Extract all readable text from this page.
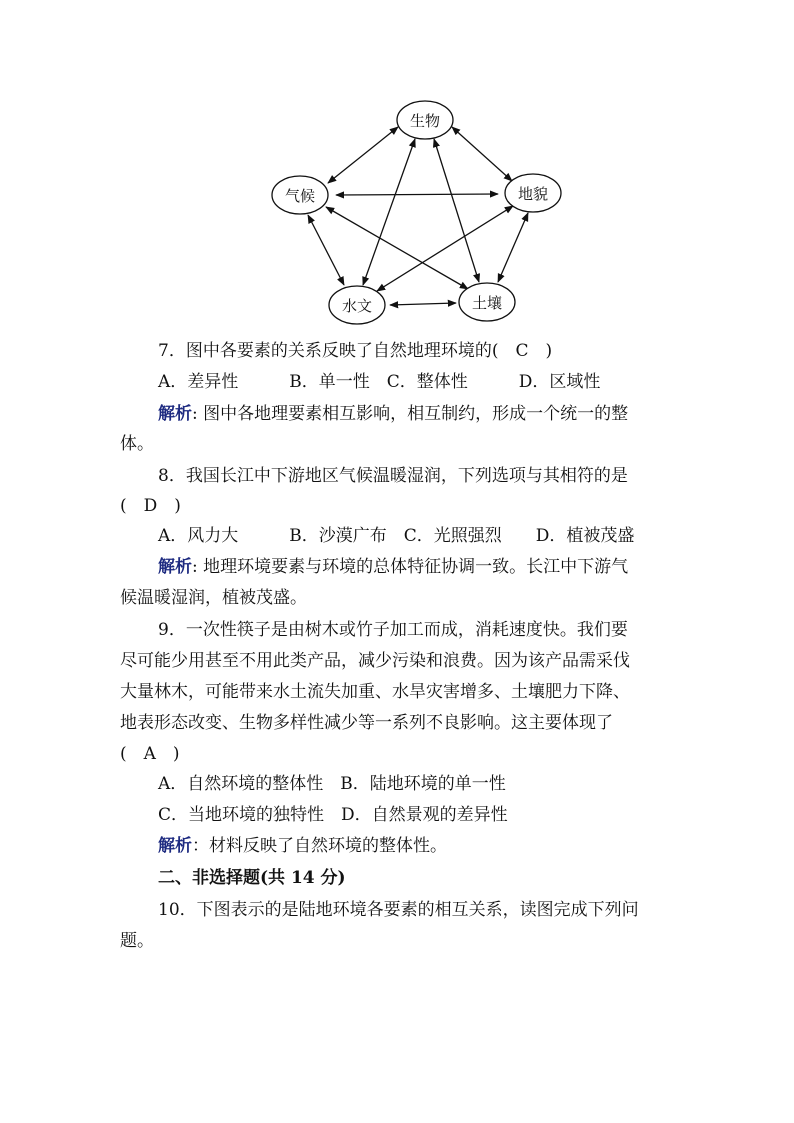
生物
气候	地貌
水文	土壤
7．图中各要素的关系反映了自然地理环境的(　C　)
A．差异性　　　B．单一性　C．整体性　　　D．区域性
解析: 图中各地理要素相互影响，相互制约，形成一个统一的整
体。
8．我国长江中下游地区气候温暖湿润，下列选项与其相符的是
(　D　)
A．风力大　　　B．沙漠广布　C．光照强烈　　D．植被茂盛
解析: 地理环境要素与环境的总体特征协调一致。长江中下游气
候温暖湿润，植被茂盛。
9．一次性筷子是由树木或竹子加工而成，消耗速度快。我们要
尽可能少用甚至不用此类产品，减少污染和浪费。因为该产品需采伐
大量林木，可能带来水土流失加重、水旱灾害增多、土壤肥力下降、
地表形态改变、生物多样性减少等一系列不良影响。这主要体现了
(　A　)
A．自然环境的整体性　B．陆地环境的单一性
C．当地环境的独特性　D．自然景观的差异性
解析：材料反映了自然环境的整体性。
二、非选择题(共 14 分)
10．下图表示的是陆地环境各要素的相互关系，读图完成下列问
题。
